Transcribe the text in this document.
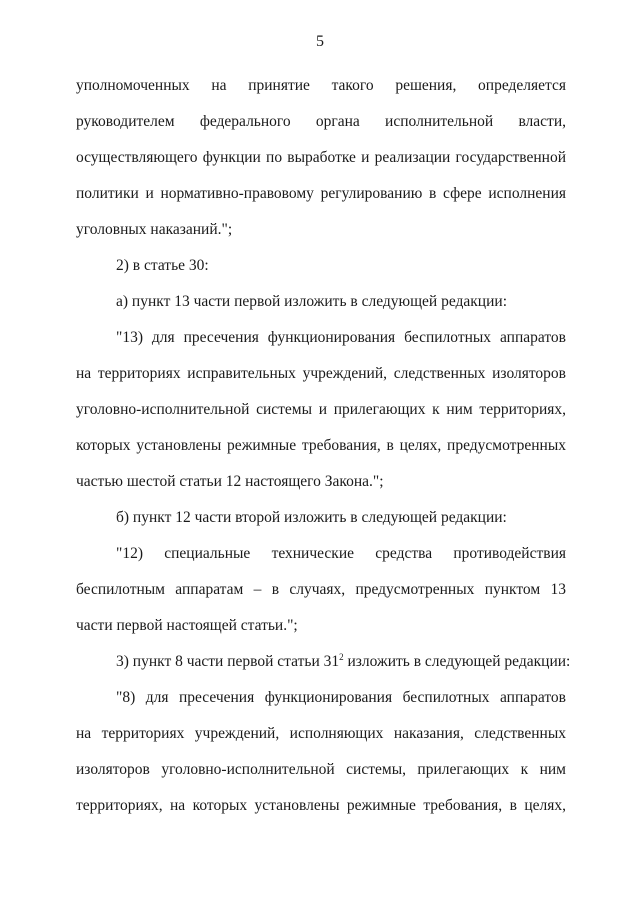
5
уполномоченных на принятие такого решения, определяется
руководителем федерального органа исполнительной власти,
осуществляющего функции по выработке и реализации государственной
политики и нормативно-правовому регулированию в сфере исполнения
уголовных наказаний.";
2) в статье 30:
а) пункт 13 части первой изложить в следующей редакции:
"13) для пресечения функционирования беспилотных аппаратов
на территориях исправительных учреждений, следственных изоляторов
уголовно-исполнительной системы и прилегающих к ним территориях,
которых установлены режимные требования, в целях, предусмотренных
частью шестой статьи 12 настоящего Закона.";
б) пункт 12 части второй изложить в следующей редакции:
"12) специальные технические средства противодействия
беспилотным аппаратам – в случаях, предусмотренных пунктом 13
части первой настоящей статьи.";
3) пункт 8 части первой статьи $31^2$ изложить в следующей редакции:
"8) для пресечения функционирования беспилотных аппаратов
на территориях учреждений, исполняющих наказания, следственных
изоляторов уголовно-исполнительной системы, прилегающих к ним
территориях, на которых установлены режимные требования, в целях,
